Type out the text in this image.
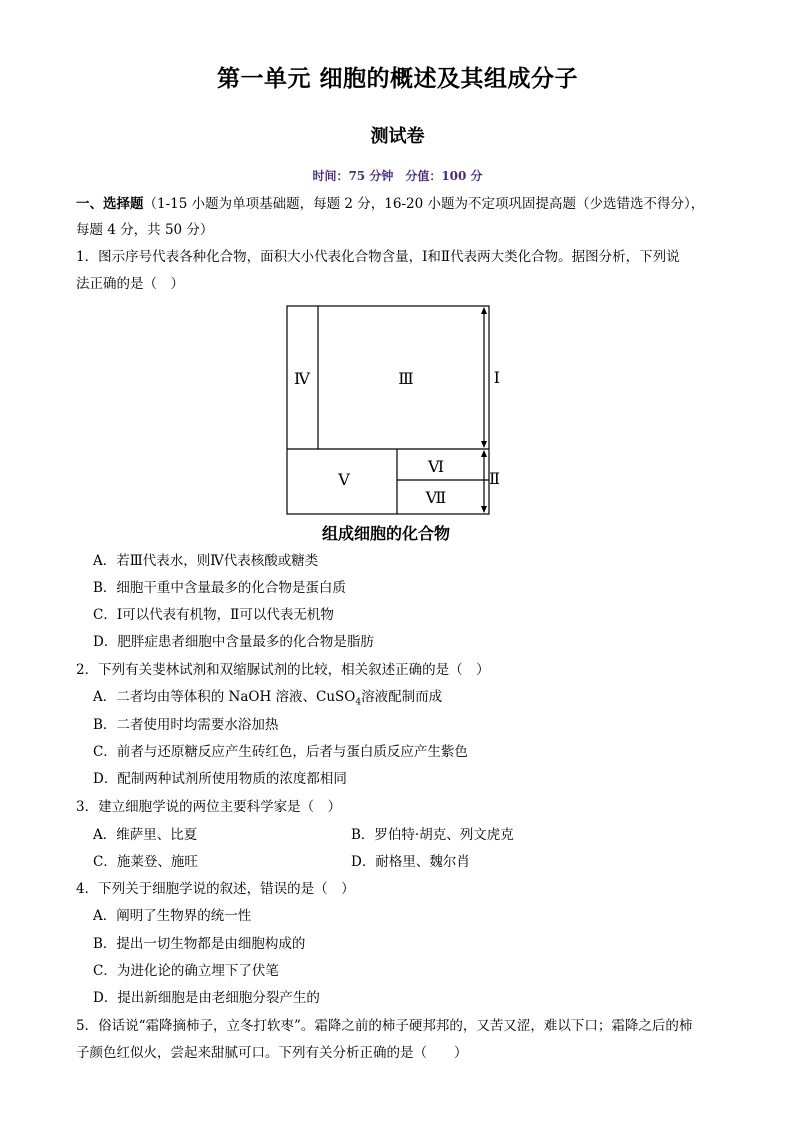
第一单元 细胞的概述及其组成分子
测试卷
时间：75 分钟　分值：100 分
一、选择题（1-15 小题为单项基础题，每题 2 分，16-20 小题为不定项巩固提高题（少选错选不得分），
每题 4 分，共 50 分）
1．图示序号代表各种化合物，面积大小代表化合物含量，Ⅰ和Ⅱ代表两大类化合物。据图分析，下列说
法正确的是（　）
Ⅳ	Ⅲ
Ⅴ
Ⅵ
Ⅶ
Ⅰ
Ⅱ
组成细胞的化合物
A．若Ⅲ代表水，则Ⅳ代表核酸或糖类
B．细胞干重中含量最多的化合物是蛋白质
C．Ⅰ可以代表有机物，Ⅱ可以代表无机物
D．肥胖症患者细胞中含量最多的化合物是脂肪
2．下列有关斐林试剂和双缩脲试剂的比较，相关叙述正确的是（　）
A．二者均由等体积的 NaOH 溶液、CuSO$_4$溶液配制而成
B．二者使用时均需要水浴加热
C．前者与还原糖反应产生砖红色，后者与蛋白质反应产生紫色
D．配制两种试剂所使用物质的浓度都相同
3．建立细胞学说的两位主要科学家是（　）
A．维萨里、比夏	B．罗伯特·胡克、列文虎克
C．施莱登、施旺	D．耐格里、魏尔肖
4．下列关于细胞学说的叙述，错误的是（　）
A．阐明了生物界的统一性
B．提出一切生物都是由细胞构成的
C．为进化论的确立埋下了伏笔
D．提出新细胞是由老细胞分裂产生的
5．俗话说“霜降摘柿子，立冬打软枣”。霜降之前的柿子硬邦邦的，又苦又涩，难以下口；霜降之后的柿
子颜色红似火，尝起来甜腻可口。下列有关分析正确的是（　　）
